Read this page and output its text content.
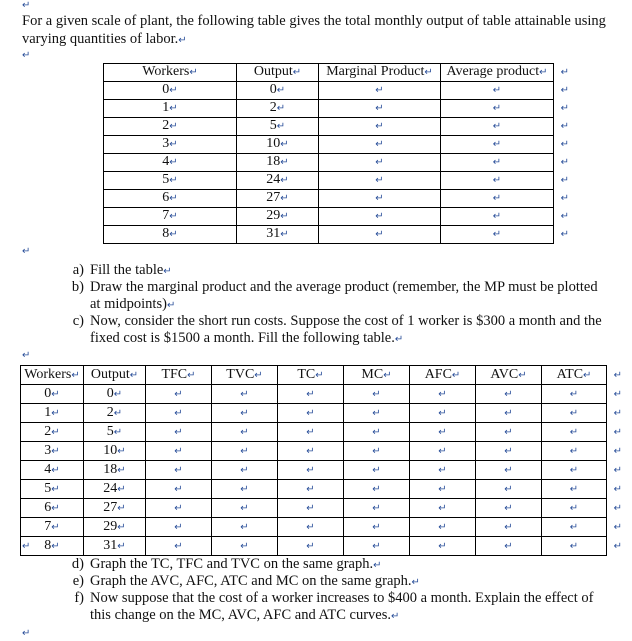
↵
For a given scale of plant, the following table gives the total monthly output of table attainable using varying quantities of labor.↵
↵
Workers↵	Output↵	Marginal Product↵	Average product↵ ↵

0↵	0↵	↵	↵ ↵

1↵	2↵	↵	↵ ↵

2↵	5↵	↵	↵ ↵

3↵	10↵	↵	↵ ↵

4↵	18↵	↵	↵ ↵

5↵	24↵	↵	↵ ↵

6↵	27↵	↵	↵ ↵

7↵	29↵	↵	↵ ↵

8↵	31↵	↵	↵ ↵
↵
a) Fill the table↵
b) Draw the marginal product and the average product (remember, the MP must be plotted at midpoints)↵
c) Now, consider the short run costs. Suppose the cost of 1 worker is $300 a month and the fixed cost is $1500 a month. Fill the following table.↵
↵
Workers↵	Output↵	TFC↵	TVC↵	TC↵	MC↵	AFC↵	AVC↵	ATC↵ ↵

0↵	0↵	↵	↵	↵	↵	↵	↵	↵ ↵

1↵	2↵	↵	↵	↵	↵	↵	↵	↵ ↵

2↵	5↵	↵	↵	↵	↵	↵	↵	↵ ↵

3↵	10↵	↵	↵	↵	↵	↵	↵	↵ ↵

4↵	18↵	↵	↵	↵	↵	↵	↵	↵ ↵

5↵	24↵	↵	↵	↵	↵	↵	↵	↵ ↵

6↵	27↵	↵	↵	↵	↵	↵	↵	↵ ↵

7↵	29↵	↵	↵	↵	↵	↵	↵	↵ ↵

8↵	31↵	↵	↵	↵	↵	↵	↵	↵ ↵
↵
d) Graph the TC, TFC and TVC on the same graph.↵
e) Graph the AVC, AFC, ATC and MC on the same graph.↵
f) Now suppose that the cost of a worker increases to $400 a month. Explain the effect of this change on the MC, AVC, AFC and ATC curves.↵
↵
